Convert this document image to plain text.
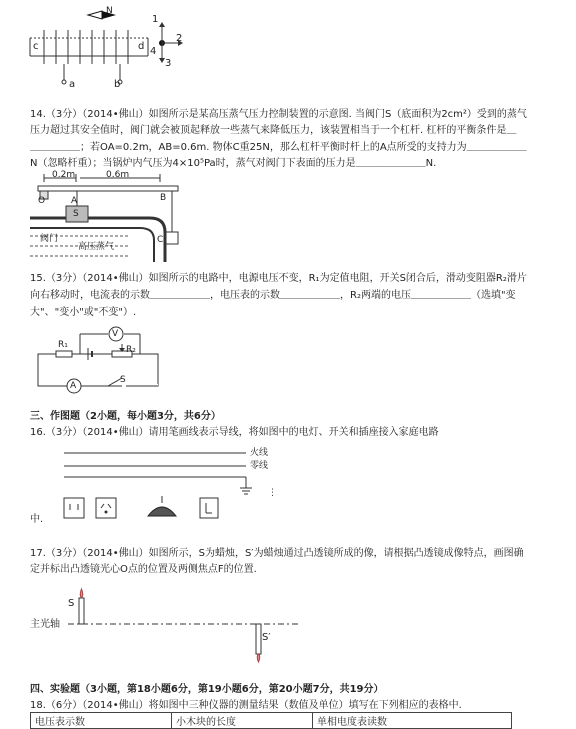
N
c	d
a	b
1
2
3
4
14.（3分）（2014•佛山）如图所示是某高压蒸气压力控制装置的示意图. 当阀门S（底面积为2cm²）受到的蒸气
压力超过其安全值时，阀门就会被顶起释放一些蒸气来降低压力，该装置相当于一个杠杆. 杠杆的平衡条件是＿
＿＿＿＿＿；若OA=0.2m，AB=0.6m. 物体C重25N，那么杠杆平衡时杆上的A点所受的支持力为＿＿＿＿＿＿
N（忽略杆重）；当锅炉内气压为4×10⁵Pa时，蒸气对阀门下表面的压力是＿＿＿＿＿＿＿N.
0.2m	0.6m
O	A	B
S
C
阀门
高压蒸气
15.（3分）（2014•佛山）如图所示的电路中，电源电压不变，R₁为定值电阻，开关S闭合后，滑动变阻器R₂滑片
向右移动时，电流表的示数＿＿＿＿＿＿，电压表的示数＿＿＿＿＿＿，R₂两端的电压＿＿＿＿＿＿（选填"变
大"、"变小"或"不变"）.
R₁	R₂
V
A
S
三、作图题（2小题，每小题3分，共6分）
16.（3分）（2014•佛山）请用笔画线表示导线，将如图中的电灯、开关和插座接入家庭电路
⋮
火线
零线
中.
17.（3分）（2014•佛山）如图所示，S为蜡烛，S′为蜡烛通过凸透镜所成的像，请根据凸透镜成像特点，画图确
定并标出凸透镜光心O点的位置及两侧焦点F的位置.
S
主光轴
S′
四、实验题（3小题，第18小题6分，第19小题6分，第20小题7分，共19分）
18.（6分）（2014•佛山）将如图中三种仪器的测量结果（数值及单位）填写在下列相应的表格中.
电压表示数	小木块的长度	单相电度表读数
